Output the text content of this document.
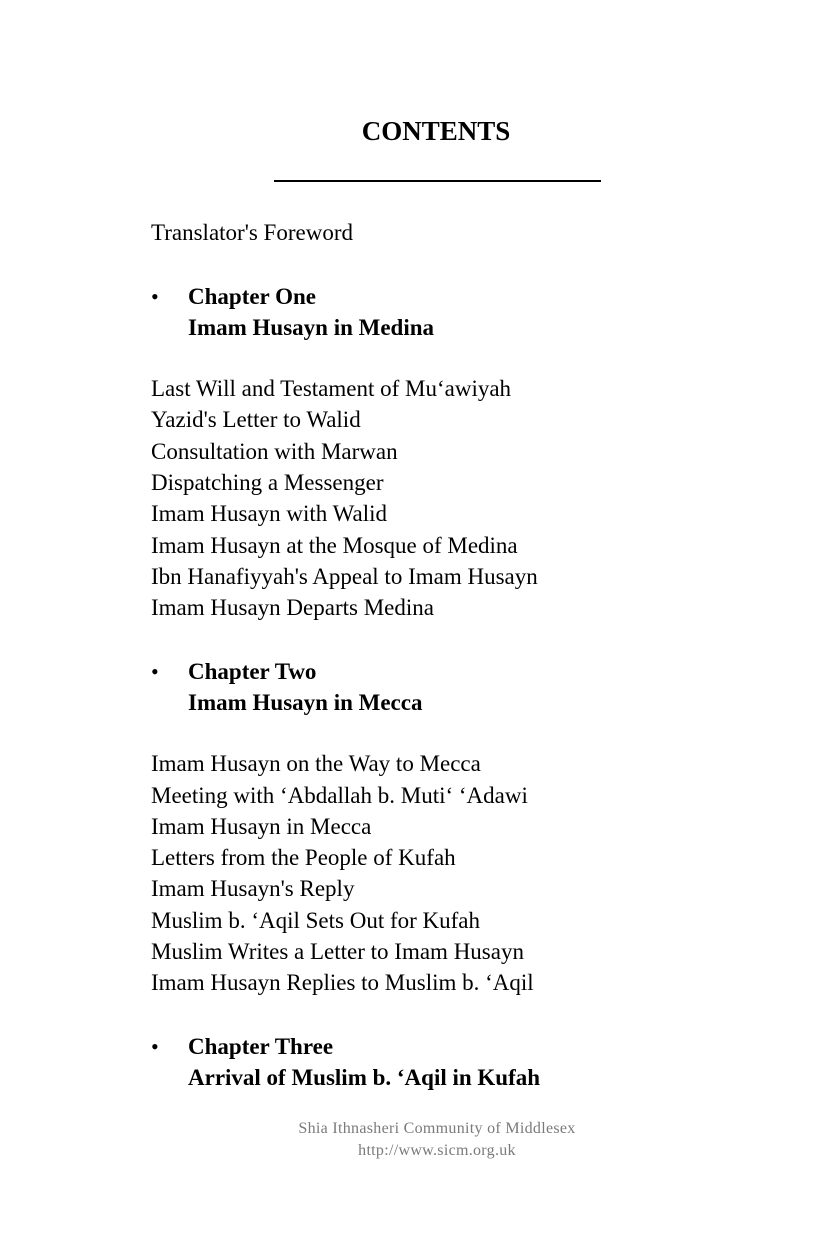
CONTENTS
Translator's Foreword
• Chapter One
Imam Husayn in Medina
Last Will and Testament of Mu‘awiyah
Yazid's Letter to Walid
Consultation with Marwan
Dispatching a Messenger
Imam Husayn with Walid
Imam Husayn at the Mosque of Medina
Ibn Hanafiyyah's Appeal to Imam Husayn
Imam Husayn Departs Medina
• Chapter Two
Imam Husayn in Mecca
Imam Husayn on the Way to Mecca
Meeting with ‘Abdallah b. Muti‘ ‘Adawi
Imam Husayn in Mecca
Letters from the People of Kufah
Imam Husayn's Reply
Muslim b. ‘Aqil Sets Out for Kufah
Muslim Writes a Letter to Imam Husayn
Imam Husayn Replies to Muslim b. ‘Aqil
• Chapter Three
Arrival of Muslim b. ‘Aqil in Kufah
Shia Ithnasheri Community of Middlesex
http://www.sicm.org.uk
